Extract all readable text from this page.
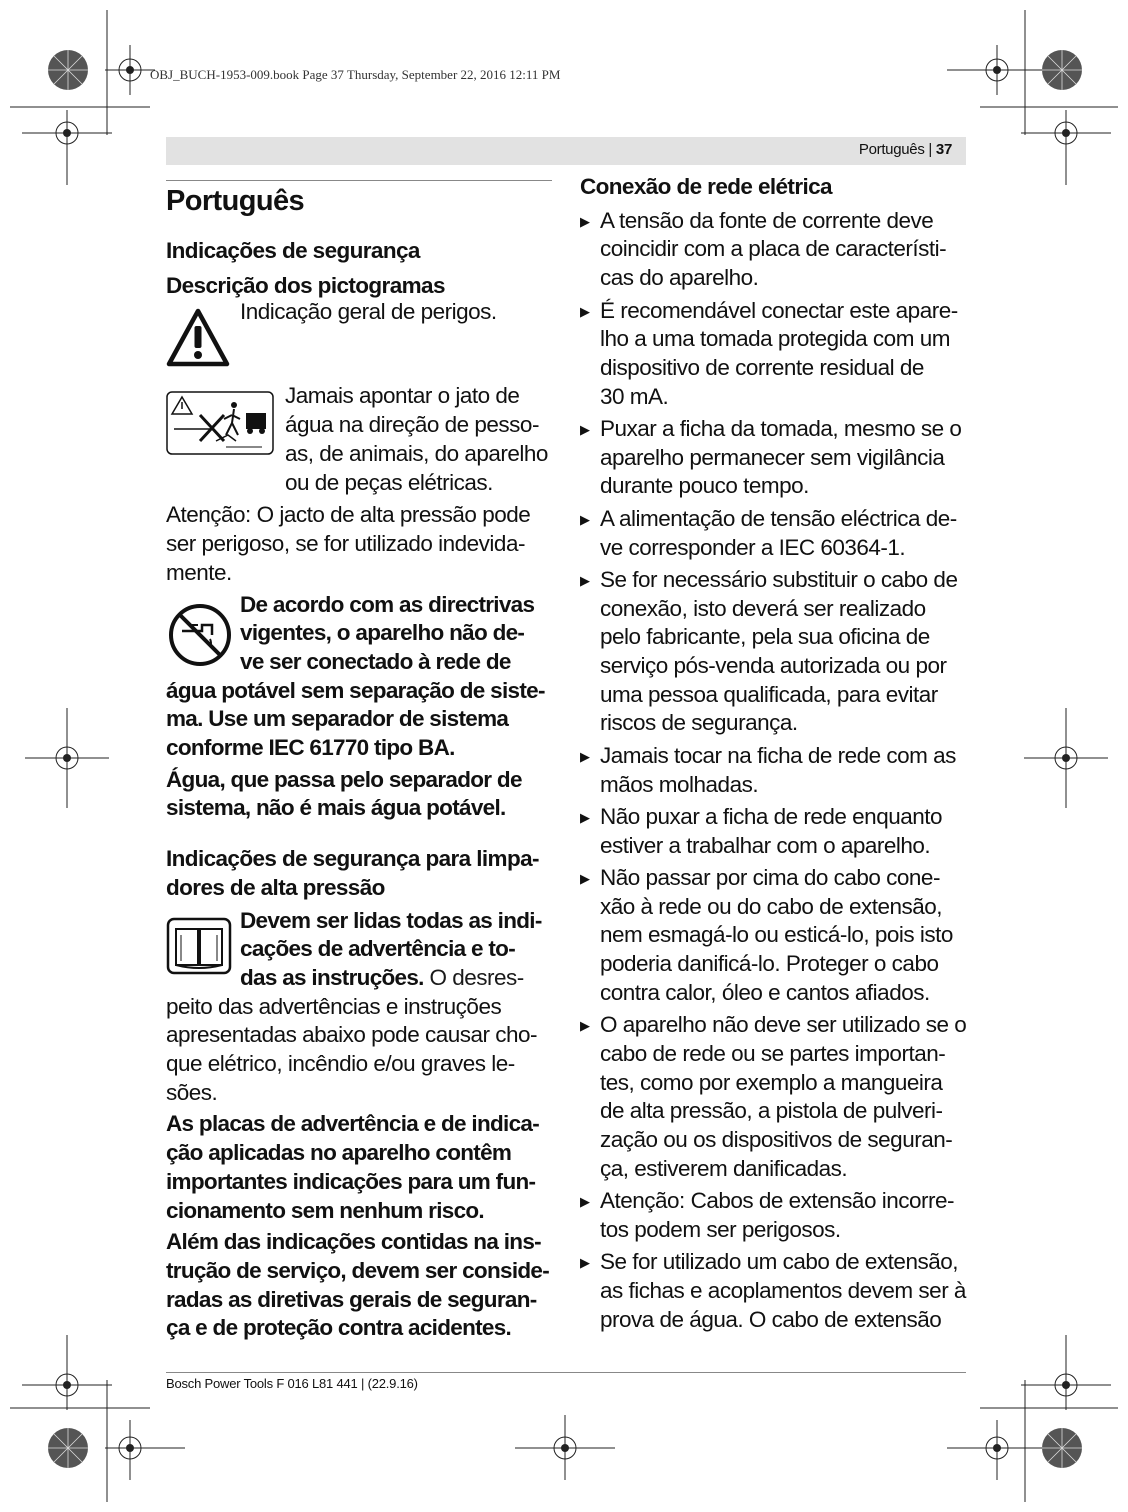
OBJ_BUCH-1953-009.book Page 37 Thursday, September 22, 2016 12:11 PM
Português | 37

Português

Indicações de segurança

Descrição dos pictogramas

Indicação geral de perigos.
Jamais apontar o jato de
água na direção de pesso-
as, de animais, do aparelho
ou de peças elétricas.
Atenção: O jacto de alta pressão pode
ser perigoso, se for utilizado indevida-
mente.
De acordo com as directrivas
vigentes, o aparelho não de-
ve ser conectado à rede de
água potável sem separação de siste-
ma. Use um separador de sistema
conforme IEC 61770 tipo BA.
Água, que passa pelo separador de
sistema, não é mais água potável.
Indicações de segurança para limpa-
dores de alta pressão
Devem ser lidas todas as indi-
cações de advertência e to-
das as instruções. O desres-
peito das advertências e instruções
apresentadas abaixo pode causar cho-
que elétrico, incêndio e/ou graves le-
sões.
As placas de advertência e de indica-
ção aplicadas no aparelho contêm
importantes indicações para um fun-
cionamento sem nenhum risco.
Além das indicações contidas na ins-
trução de serviço, devem ser conside-
radas as diretivas gerais de seguran-
ça e de proteção contra acidentes.

Conexão de rede elétrica

▶ A tensão da fonte de corrente deve
coincidir com a placa de característi-
cas do aparelho.
▶ É recomendável conectar este apare-
lho a uma tomada protegida com um
dispositivo de corrente residual de
30 mA.
▶ Puxar a ficha da tomada, mesmo se o
aparelho permanecer sem vigilância
durante pouco tempo.
▶ A alimentação de tensão eléctrica de-
ve corresponder a IEC 60364-1.
▶ Se for necessário substituir o cabo de
conexão, isto deverá ser realizado
pelo fabricante, pela sua oficina de
serviço pós-venda autorizada ou por
uma pessoa qualificada, para evitar
riscos de segurança.
▶ Jamais tocar na ficha de rede com as
mãos molhadas.
▶ Não puxar a ficha de rede enquanto
estiver a trabalhar com o aparelho.
▶ Não passar por cima do cabo cone-
xão à rede ou do cabo de extensão,
nem esmagá-lo ou esticá-lo, pois isto
poderia danificá-lo. Proteger o cabo
contra calor, óleo e cantos afiados.
▶ O aparelho não deve ser utilizado se o
cabo de rede ou se partes importan-
tes, como por exemplo a mangueira
de alta pressão, a pistola de pulveri-
zação ou os dispositivos de seguran-
ça, estiverem danificadas.
▶ Atenção: Cabos de extensão incorre-
tos podem ser perigosos.
▶ Se for utilizado um cabo de extensão,
as fichas e acoplamentos devem ser à
prova de água. O cabo de extensão
Bosch Power Tools F 016 L81 441 | (22.9.16)
